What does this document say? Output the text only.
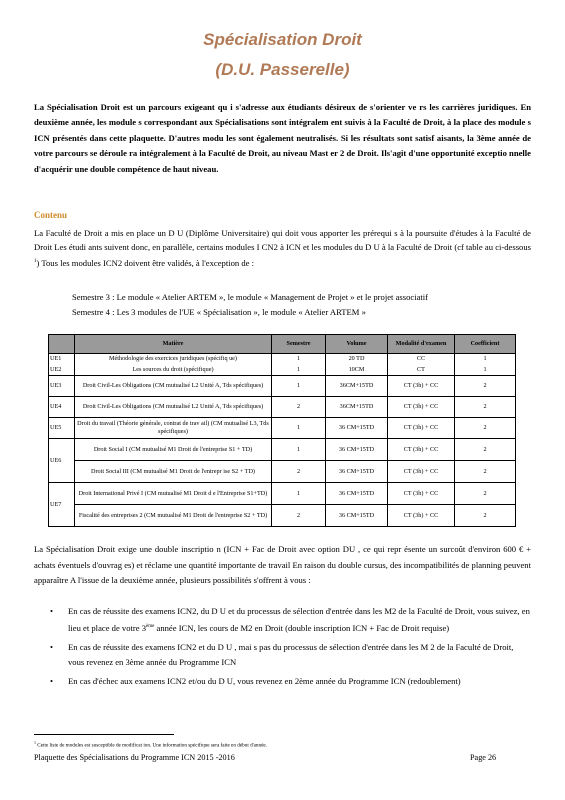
Spécialisation Droit
(D.U. Passerelle)
La Spécialisation Droit est un parcours exigeant qu i s'adresse aux étudiants désireux de s'orienter ve rs les carrières juridiques. En deuxième année, les module s correspondant aux Spécialisations sont intégralem ent suivis à la Faculté de Droit, à la place des module s ICN présentés dans cette plaquette. D'autres modu les sont également neutralisés. Si les résultats sont satisf aisants, la 3ème année de votre parcours se déroule ra intégralement à la Faculté de Droit, au niveau Mast er 2 de Droit. Ils'agit d'une opportunité exceptio nnelle d'acquérir une double compétence de haut niveau.
Contenu
La Faculté de Droit a mis en place un D U (Diplôme Universitaire) qui doit vous apporter les prérequi s à la poursuite d'études à la Faculté de Droit Les étudi ants suivent donc, en parallèle, certains modules I CN2 à ICN et les modules du D U à la Faculté de Droit (cf table au ci-dessous $^1$) Tous les modules ICN2 doivent être validés, à l'exception de :
Semestre 3 : Le module « Atelier ARTEM », le module « Management de Projet » et le projet associatif
Semestre 4 : Les 3 modules de l'UE « Spécialisation », le module « Atelier ARTEM »
	Matière	Semestre	Volume	Modalité d'examen	Coefficient
UE1	Méthodologie des exercices juridiques (spécifiq ue)	1	20 TD	CC	1
UE2	Les sources du droit (spécifique)	1	10CM	CT	1
UE3	Droit Civil-Les Obligations (CM mutualisé L2 Unité A, Tds spécifiques)	1	36CM+15TD	CT (3h) + CC	2
UE4	Droit Civil-Les Obligations (CM mutualisé L2 Unité A, Tds spécifiques)	2	36CM+15TD	CT (3h) + CC	2
UE5	Droit du travail (Théorie générale, contrat de trav ail) (CM mutualisé L3, Tds spécifiques)	1	36 CM+15TD	CT (3h) + CC	2
UE6	Droit Social I (CM mutualisé M1 Droit de l'entreprise S1 + TD)	1	36 CM+15TD	CT (3h) + CC	2
	Droit Social III (CM mutualisé M1 Droit de l'entrepr ise S2 + TD)	2	36 CM+15TD	CT (3h) + CC	2
UE7	Droit International Privé I (CM mutualisé M1 Droit d e l'Entreprise S1+TD)	1	36 CM+15TD	CT (3h) + CC	2
	Fiscalité des entreprises 2 (CM mutualisé M1 Droit de l'entreprise S2 + TD)	2	36 CM+15TD	CT (3h) + CC	2
La Spécialisation Droit exige une double inscriptio n (ICN + Fac de Droit avec option DU , ce qui repr ésente un surcoût d'environ 600 € + achats éventuels d'ouvrag es) et réclame une quantité importante de travail En raison du double cursus, des incompatibilités de planning peuvent apparaître A l'issue de la deuxième année, plusieurs possibilités s'offrent à vous :
• En cas de réussite des examens ICN2, du D U et du processus de sélection d'entrée dans les M2 de la Faculté de Droit, vous suivez, en lieu et place de votre 3ème année ICN, les cours de M2 en Droit (double inscription ICN + Fac de Droit requise)
• En cas de réussite des examens ICN2 et du D U , mai s pas du processus de sélection d'entrée dans les M 2 de la Faculté de Droit, vous revenez en 3ème année du Programme ICN
• En cas d'échec aux examens ICN2 et/ou du D U, vous revenez en 2ème année du Programme ICN (redoublement)
$^1$ Cette liste de modules est susceptible de modificat ion. Une information spécifique sera faite en début d'année.
Plaquette des Spécialisations du Programme ICN 2015 -2016	Page 26
